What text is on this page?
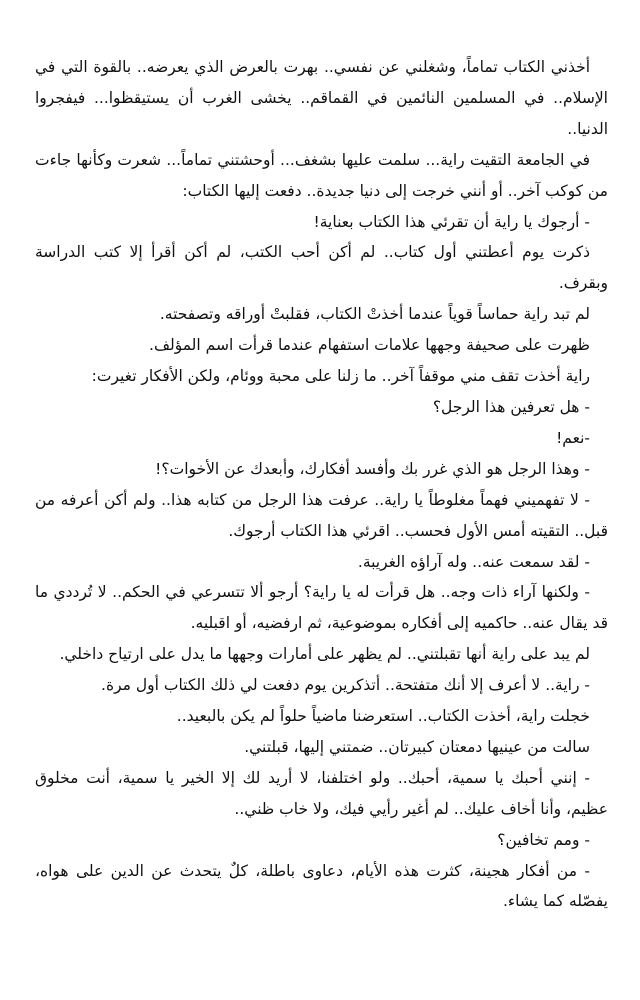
أخذني الكتاب تماماً، وشغلني عن نفسي.. بهرت بالعرض الذي يعرضه.. بالقوة التي في الإسلام.. في المسلمين النائمين في القماقم.. يخشى الغرب أن يستيقظوا... فيفجروا الدنيا..

في الجامعة التقيت راية... سلمت عليها بشغف... أوحشتني تماماً... شعرت وكأنها جاءت من كوكب آخر.. أو أنني خرجت إلى دنيا جديدة.. دفعت إليها الكتاب:

- أرجوك يا راية أن تقرئي هذا الكتاب بعناية!

ذكرت يوم أعطتني أول كتاب.. لم أكن أحب الكتب، لم أكن أقرأ إلا كتب الدراسة وبقرف.

لم تبد راية حماساً قوياً عندما أخذتْ الكتاب، فقلبتْ أوراقه وتصفحته.

ظهرت على صحيفة وجهها علامات استفهام عندما قرأت اسم المؤلف.

راية أخذت تقف مني موقفاً آخر.. ما زلنا على محبة ووئام، ولكن الأفكار تغيرت:

- هل تعرفين هذا الرجل؟

-نعم!

- وهذا الرجل هو الذي غرر بك وأفسد أفكارك، وأبعدك عن الأخوات؟!

- لا تفهميني فهماً مغلوطاً يا راية.. عرفت هذا الرجل من كتابه هذا.. ولم أكن أعرفه من قبل.. التقيته أمس الأول فحسب.. اقرئي هذا الكتاب أرجوك.

- لقد سمعت عنه.. وله آراؤه الغريبة.

- ولكنها آراء ذات وجه.. هل قرأت له يا راية؟ أرجو ألا تتسرعي في الحكم.. لا تُرددي ما قد يقال عنه.. حاكميه إلى أفكاره بموضوعية، ثم ارفضيه، أو اقبليه.

لم يبد على راية أنها تقبلتني.. لم يظهر على أمارات وجهها ما يدل على ارتياح داخلي.

- راية.. لا أعرف إلا أنك متفتحة.. أتذكرين يوم دفعت لي ذلك الكتاب أول مرة.

خجلت راية، أخذت الكتاب.. استعرضنا ماضياً حلواً لم يكن بالبعيد..

سالت من عينيها دمعتان كبيرتان.. ضمتني إليها، قبلتني.

- إنني أحبك يا سمية، أحبك.. ولو اختلفنا، لا أريد لك إلا الخير يا سمية، أنت مخلوق عظيم، وأنا أخاف عليك.. لم أغير رأيي فيك، ولا خاب ظني..

- ومم تخافين؟

- من أفكار هجينة، كثرت هذه الأيام، دعاوى باطلة، كلٌ يتحدث عن الدين على هواه، يفصّله كما يشاء.
